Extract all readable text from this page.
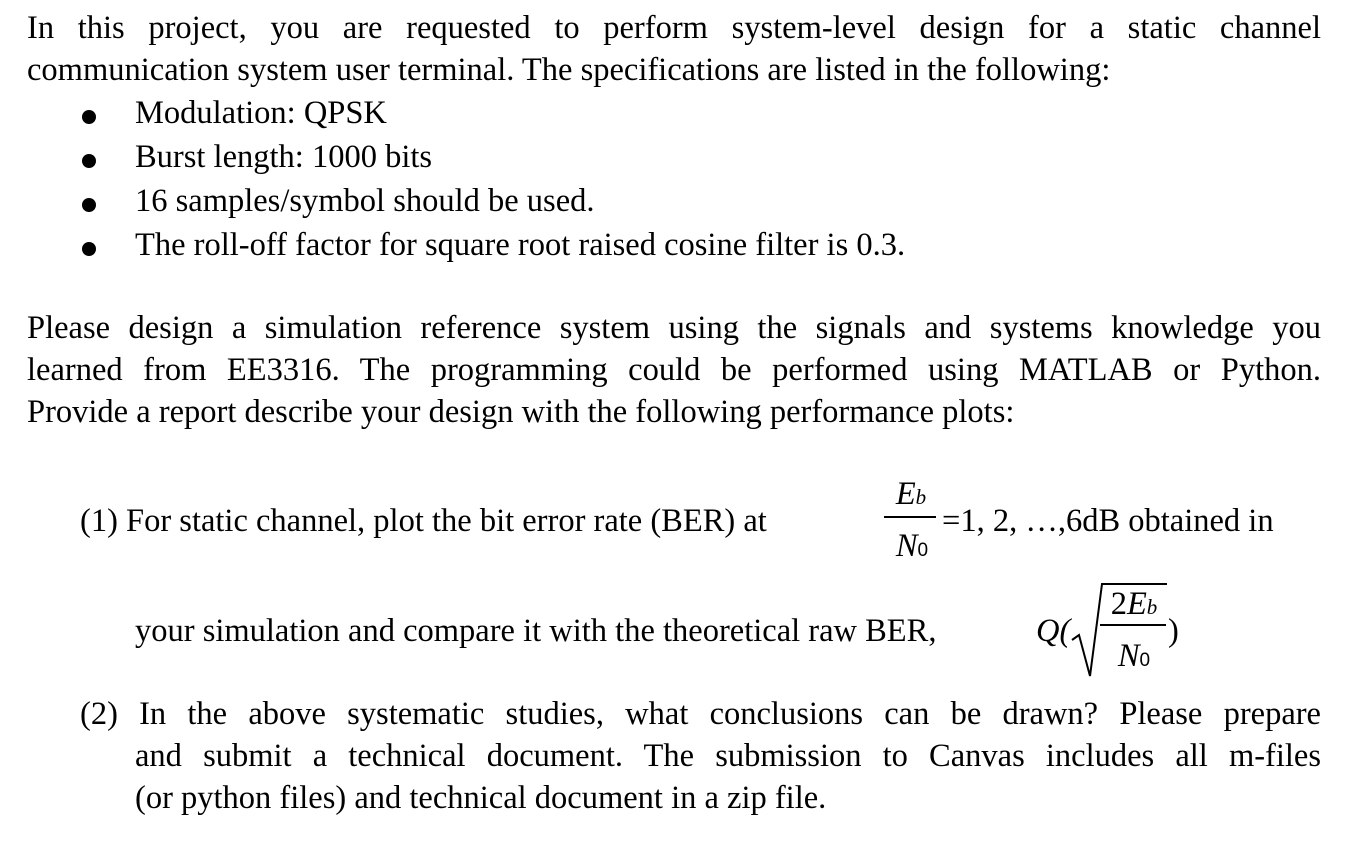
In this project, you are requested to perform system-level design for a static channel
communication system user terminal. The specifications are listed in the following:
Modulation: QPSK
Burst length: 1000 bits
16 samples/symbol should be used.
The roll-off factor for square root raised cosine filter is 0.3.
Please design a simulation reference system using the signals and systems knowledge you
learned from EE3316. The programming could be performed using MATLAB or Python.
Provide a report describe your design with the following performance plots:
(1) For static channel, plot the bit error rate (BER) at
Eb
N0
=1, 2, …,6dB obtained in
your simulation and compare it with the theoretical raw BER,	Q(
2Eb
N0
)
(2) In the above systematic studies, what conclusions can be drawn? Please prepare
and submit a technical document. The submission to Canvas includes all m-files
(or python files) and technical document in a zip file.
